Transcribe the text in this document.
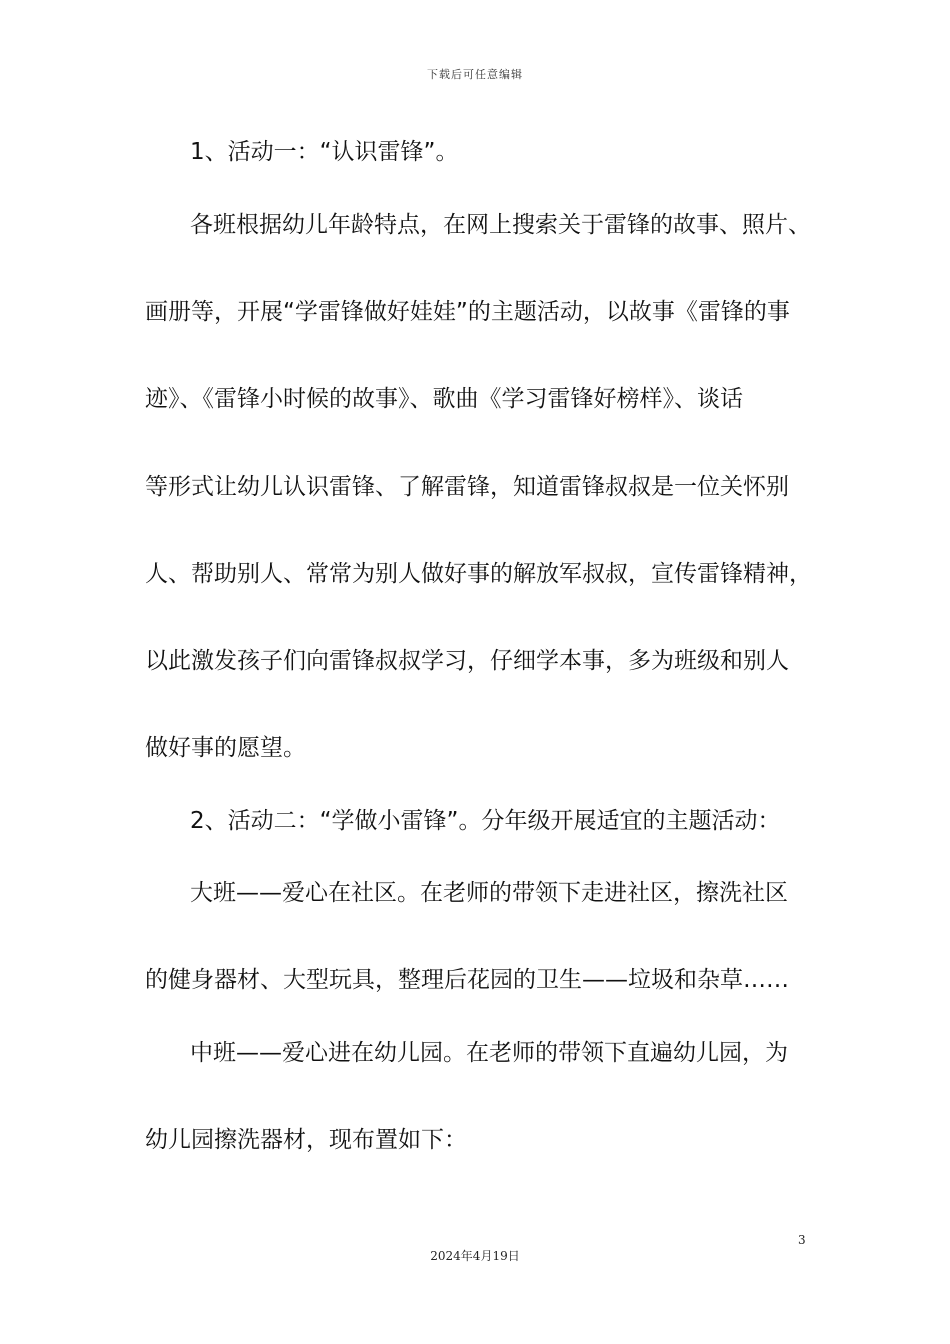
下载后可任意编辑
1、活动一：“认识雷锋”。
各班根据幼儿年龄特点，在网上搜索关于雷锋的故事、照片、
画册等，开展“学雷锋做好娃娃”的主题活动，以故事《雷锋的事
迹》、《雷锋小时候的故事》、歌曲《学习雷锋好榜样》、谈话
等形式让幼儿认识雷锋、了解雷锋，知道雷锋叔叔是一位关怀别
人、帮助别人、常常为别人做好事的解放军叔叔，宣传雷锋精神，
以此激发孩子们向雷锋叔叔学习，仔细学本事，多为班级和别人
做好事的愿望。
2、活动二：“学做小雷锋”。分年级开展适宜的主题活动：
大班——爱心在社区。在老师的带领下走进社区，擦洗社区
的健身器材、大型玩具，整理后花园的卫生——垃圾和杂草……
中班——爱心进在幼儿园。在老师的带领下直遍幼儿园，为
幼儿园擦洗器材，现布置如下：
3
2024年4月19日
